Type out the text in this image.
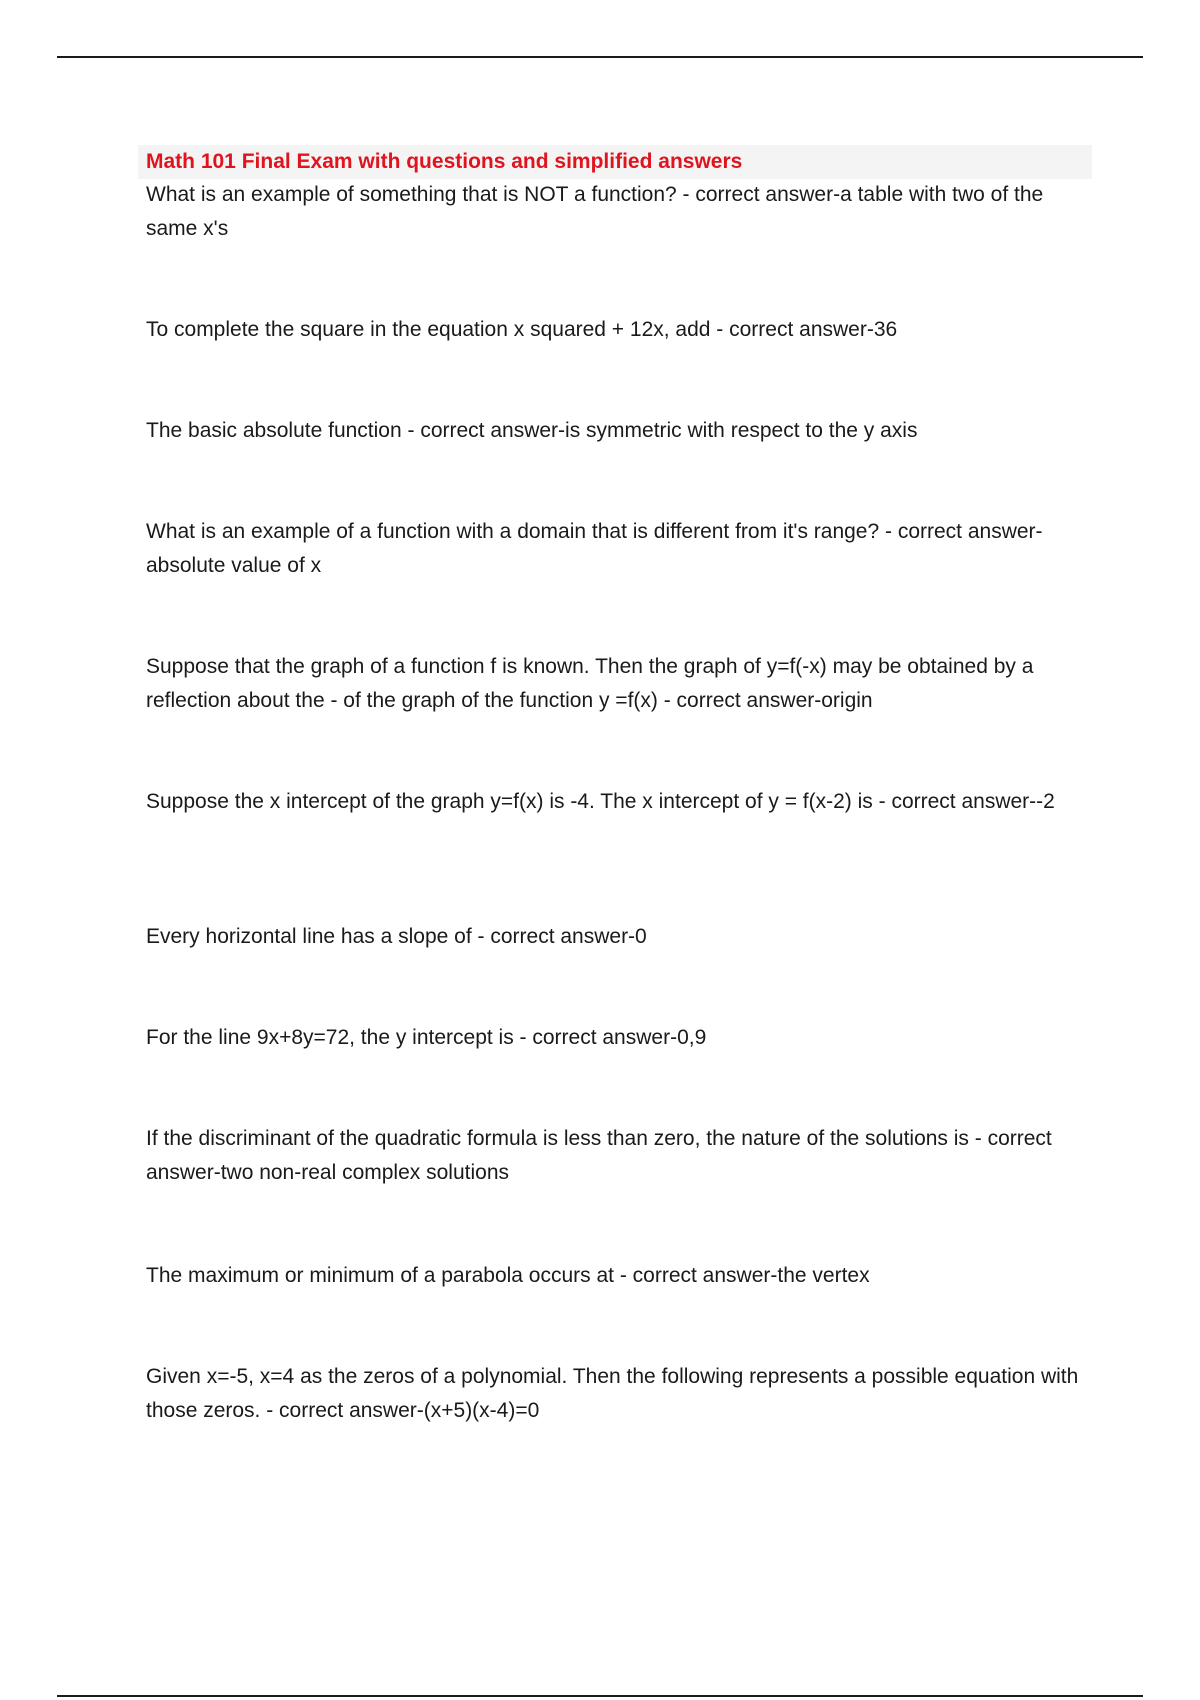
Math 101 Final Exam with questions and simplified answers

What is an example of something that is NOT a function? - correct answer-a table with two of the same x's

To complete the square in the equation x squared + 12x, add - correct answer-36

The basic absolute function - correct answer-is symmetric with respect to the y axis

What is an example of a function with a domain that is different from it's range? - correct answer-absolute value of x

Suppose that the graph of a function f is known. Then the graph of y=f(-x) may be obtained by a reflection about the - of the graph of the function y =f(x) - correct answer-origin

Suppose the x intercept of the graph y=f(x) is -4. The x intercept of y = f(x-2) is - correct answer--2

Every horizontal line has a slope of - correct answer-0

For the line 9x+8y=72, the y intercept is - correct answer-0,9

If the discriminant of the quadratic formula is less than zero, the nature of the solutions is - correct answer-two non-real complex solutions

The maximum or minimum of a parabola occurs at - correct answer-the vertex

Given x=-5, x=4 as the zeros of a polynomial. Then the following represents a possible equation with those zeros. - correct answer-(x+5)(x-4)=0
